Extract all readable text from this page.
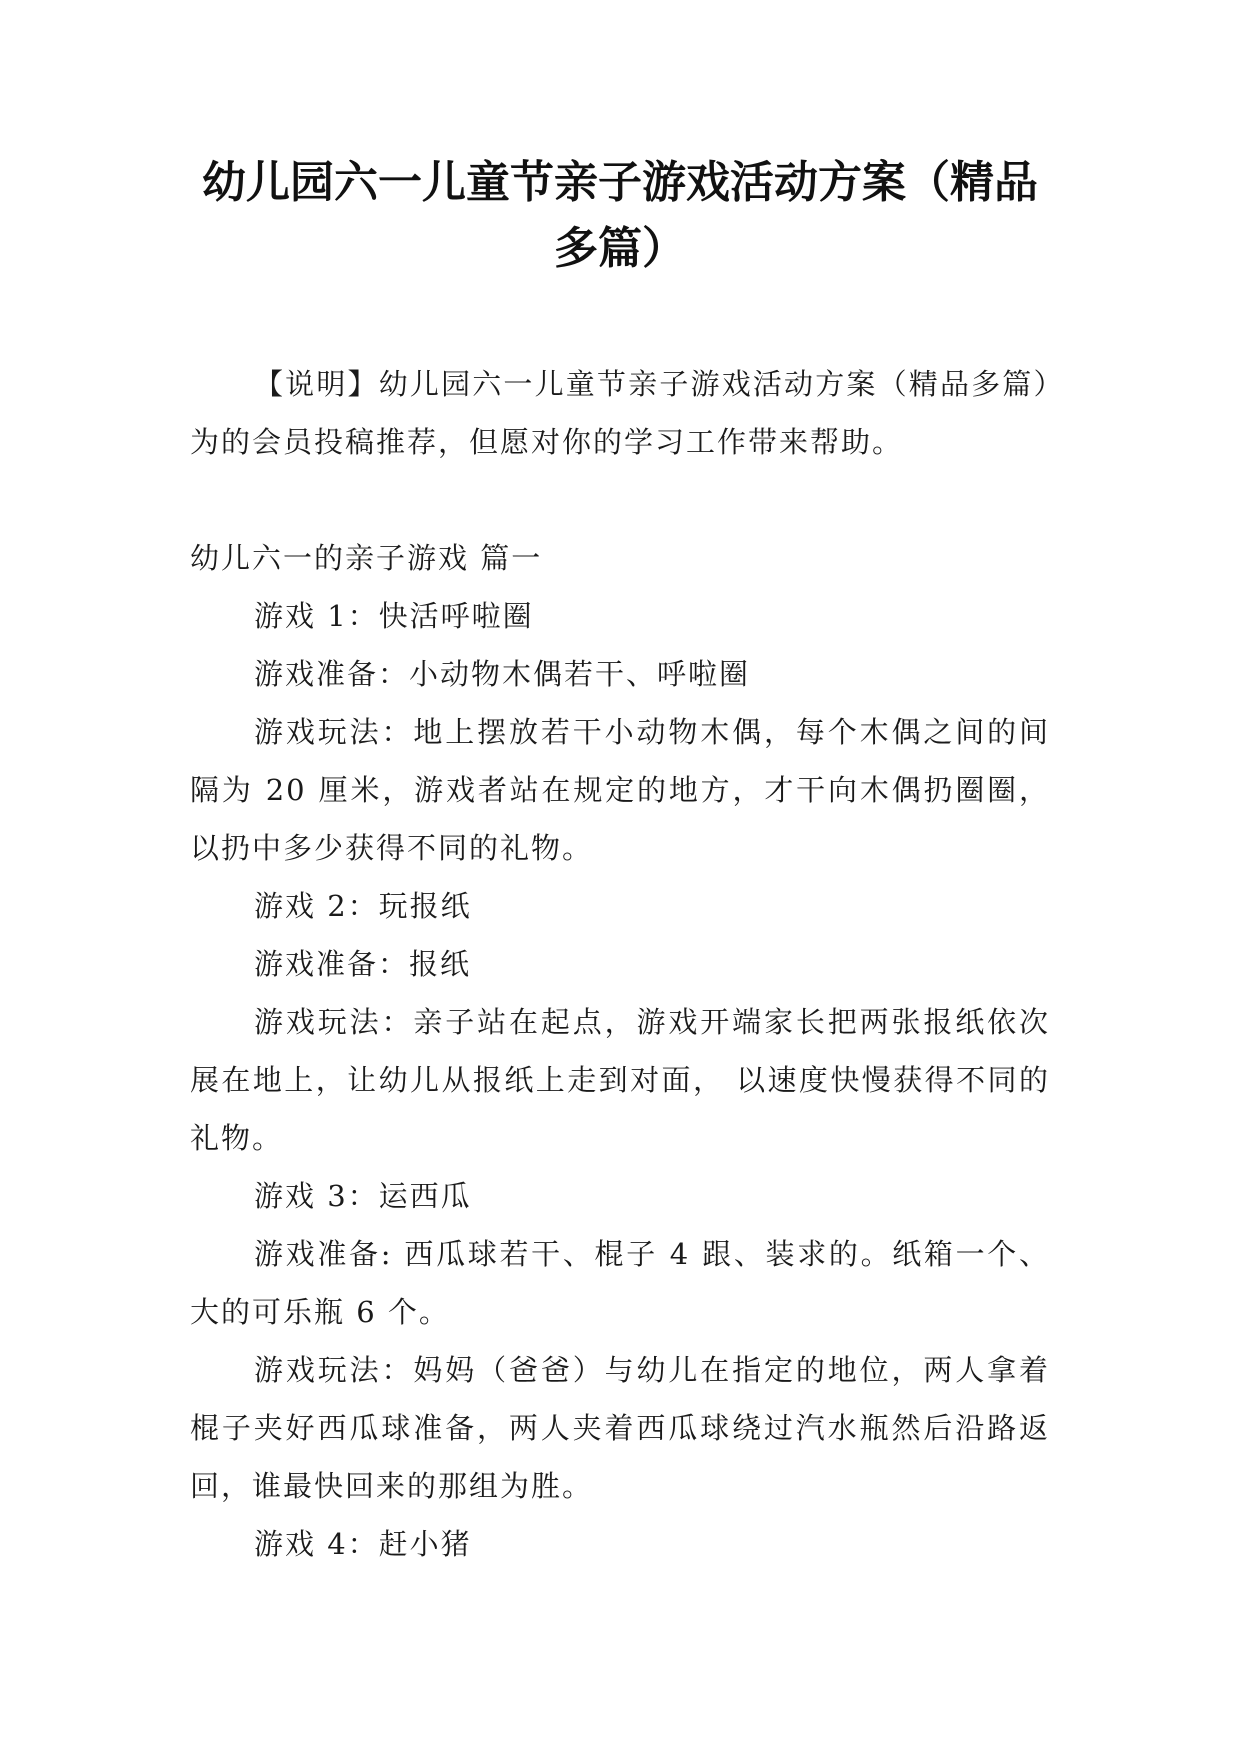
幼儿园六一儿童节亲子游戏活动方案（精品多篇）

【说明】幼儿园六一儿童节亲子游戏活动方案（精品多篇）为的会员投稿推荐，但愿对你的学习工作带来帮助。

幼儿六一的亲子游戏 篇一

游戏 1：快活呼啦圈

游戏准备：小动物木偶若干、呼啦圈

游戏玩法：地上摆放若干小动物木偶，每个木偶之间的间隔为 20 厘米，游戏者站在规定的地方，才干向木偶扔圈圈，以扔中多少获得不同的礼物。

游戏 2：玩报纸

游戏准备：报纸

游戏玩法：亲子站在起点，游戏开端家长把两张报纸依次展在地上，让幼儿从报纸上走到对面， 以速度快慢获得不同的礼物。

游戏 3：运西瓜

游戏准备: 西瓜球若干、棍子 4 跟、装求的。纸箱一个、大的可乐瓶 6 个。

游戏玩法：妈妈（爸爸）与幼儿在指定的地位，两人拿着棍子夹好西瓜球准备，两人夹着西瓜球绕过汽水瓶然后沿路返回，谁最快回来的那组为胜。

游戏 4：赶小猪
